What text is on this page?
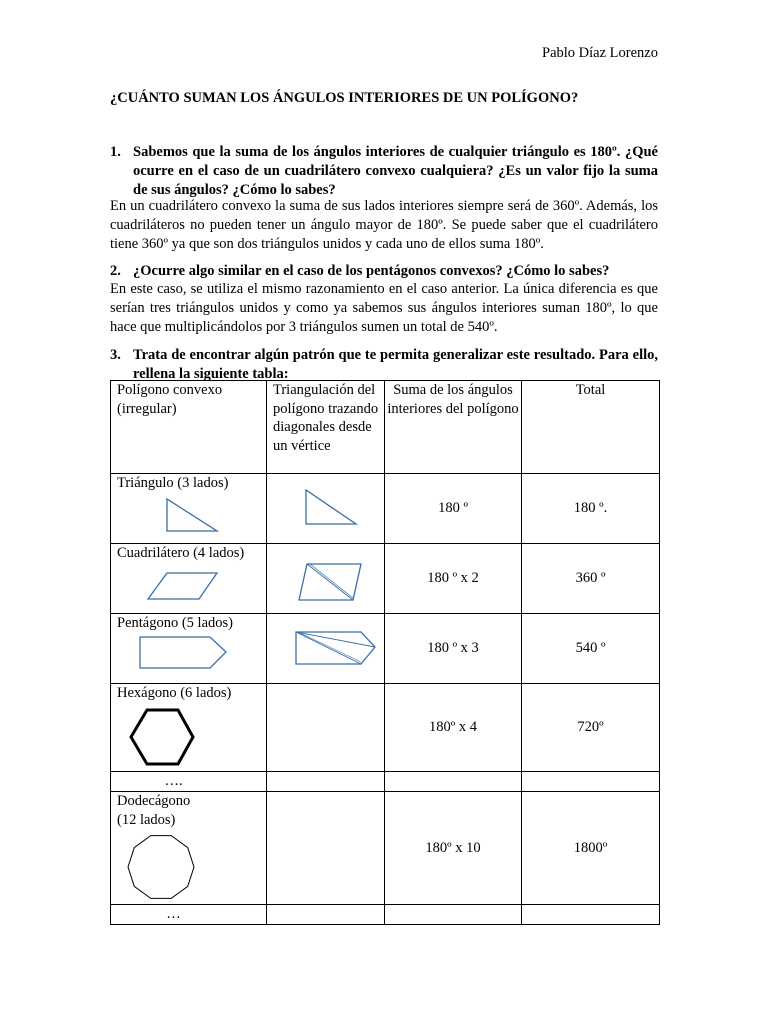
Pablo Díaz Lorenzo
¿CUÁNTO SUMAN LOS ÁNGULOS INTERIORES DE UN POLÍGONO?
1. Sabemos que la suma de los ángulos interiores de cualquier triángulo es 180º. ¿Qué ocurre en el caso de un cuadrilátero convexo cualquiera? ¿Es un valor fijo la suma de sus ángulos? ¿Cómo lo sabes?
En un cuadrilátero convexo la suma de sus lados interiores siempre será de 360º. Además, los cuadriláteros no pueden tener un ángulo mayor de 180º. Se puede saber que el cuadrilátero tiene 360º ya que son dos triángulos unidos y cada uno de ellos suma 180º.
2. ¿Ocurre algo similar en el caso de los pentágonos convexos? ¿Cómo lo sabes?
En este caso, se utiliza el mismo razonamiento en el caso anterior. La única diferencia es que serían tres triángulos unidos y como ya sabemos sus ángulos interiores suman 180º, lo que hace que multiplicándolos por 3 triángulos sumen un total de 540º.
3. Trata de encontrar algún patrón que te permita generalizar este resultado. Para ello, rellena la siguiente tabla:
Polígono convexo (irregular)	Triangulación del polígono trazando diagonales desde un vértice	Suma de los ángulos interiores del polígono	Total

Triángulo (3 lados)		180 º	180 º.

Cuadrilátero (4 lados)		180 º x 2	360 º

Pentágono (5 lados)		180 º x 3	540 º

Hexágono (6 lados)		180º x 4	720º
….			

Dodecágono
(12 lados)		180º x 10	1800º
…			
